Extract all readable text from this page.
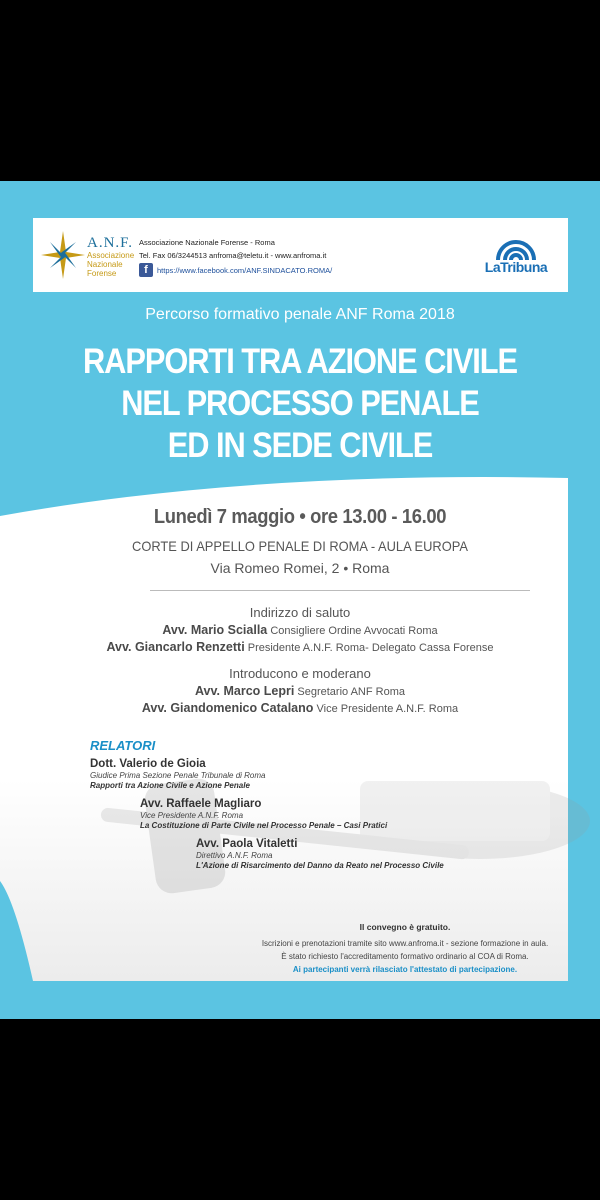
A.N.F.
Associazione
Nazionale
Forense
Associazione Nazionale Forense - Roma
Tel. Fax 06/3244513 anfroma@teletu.it - www.anfroma.it
f	https://www.facebook.com/ANF.SINDACATO.ROMA/	LaTribuna
Percorso formativo penale ANF Roma 2018
RAPPORTI TRA AZIONE CIVILE
NEL PROCESSO PENALE
ED IN SEDE CIVILE
Lunedì 7 maggio • ore 13.00 - 16.00
CORTE DI APPELLO PENALE DI ROMA - AULA EUROPA
Via Romeo Romei, 2 • Roma
Indirizzo di saluto
Avv. Mario Scialla Consigliere Ordine Avvocati Roma
Avv. Giancarlo Renzetti Presidente A.N.F. Roma- Delegato Cassa Forense
Introducono e moderano
Avv. Marco Lepri Segretario ANF Roma
Avv. Giandomenico Catalano Vice Presidente A.N.F. Roma
RELATORI
Dott. Valerio de Gioia
Giudice Prima Sezione Penale Tribunale di Roma
Rapporti tra Azione Civile e Azione Penale
Avv. Raffaele Magliaro
Vice Presidente A.N.F. Roma
La Costituzione di Parte Civile nel Processo Penale – Casi Pratici
Avv. Paola Vitaletti
Direttivo A.N.F. Roma
L'Azione di Risarcimento del Danno da Reato nel Processo Civile
Il convegno è gratuito.
Iscrizioni e prenotazioni tramite sito www.anfroma.it - sezione formazione in aula.
È stato richiesto l'accreditamento formativo ordinario al COA di Roma.
Ai partecipanti verrà rilasciato l'attestato di partecipazione.
